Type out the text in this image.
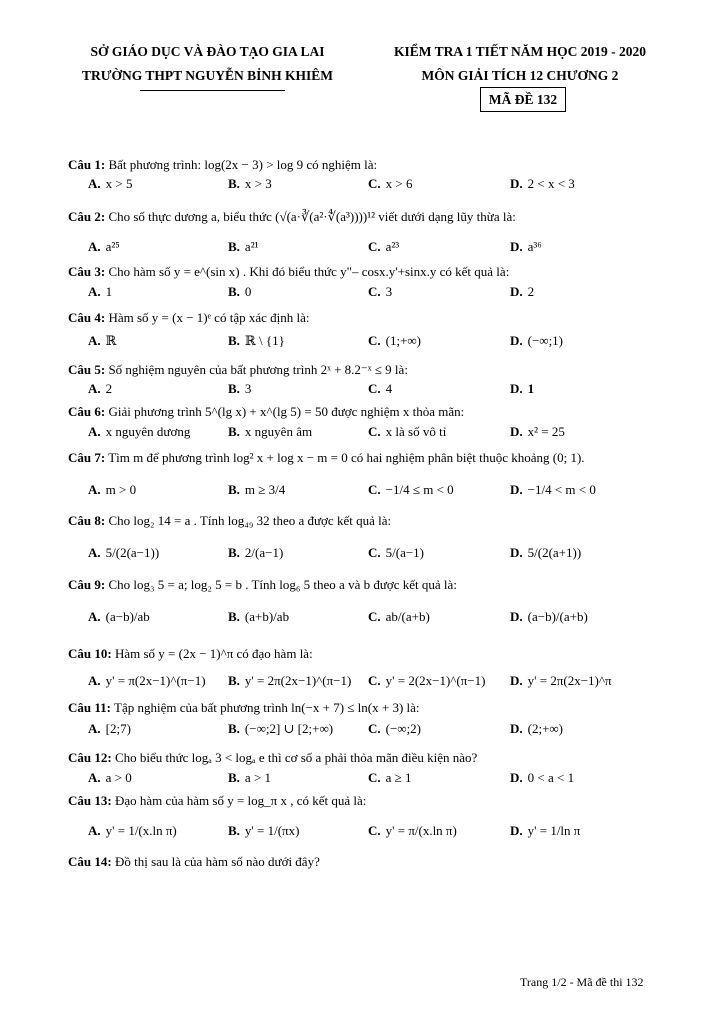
SỞ GIÁO DỤC VÀ ĐÀO TẠO GIA LAI
TRƯỜNG THPT NGUYỄN BỈNH KHIÊM
KIỂM TRA 1 TIẾT NĂM HỌC 2019 - 2020
MÔN GIẢI TÍCH 12 CHƯƠNG 2
MÃ ĐỀ 132
Câu 1: Bất phương trình: log(2x − 3) > log 9 có nghiệm là:
A. x > 5	B. x > 3	C. x > 6	D. 2 < x < 3
Câu 2: Cho số thực dương a, biểu thức (√(a·∛(a²·∜(a³))))¹² viết dưới dạng lũy thừa là:
A. a²⁵	B. a²¹	C. a²³	D. a³⁶
Câu 3: Cho hàm số y = e^(sin x) . Khi đó biểu thức y"– cosx.y'+sinx.y có kết quả là:
A. 1	B. 0	C. 3	D. 2
Câu 4: Hàm số y = (x − 1)ᵉ có tập xác định là:
A. ℝ	B. ℝ \ {1}	C. (1;+∞)	D. (−∞;1)
Câu 5: Số nghiệm nguyên của bất phương trình 2ˣ + 8.2⁻ˣ ≤ 9 là:
A. 2	B. 3	C. 4	D. 1
Câu 6: Giải phương trình 5^(lg x) + x^(lg 5) = 50 được nghiệm x thỏa mãn:
A. x nguyên dương	B. x nguyên âm	C. x là số vô tỉ	D. x² = 25
Câu 7: Tìm m để phương trình log² x + log x − m = 0 có hai nghiệm phân biệt thuộc khoảng (0; 1).
A. m > 0	B. m ≥ 3/4	C. −1/4 ≤ m < 0	D. −1/4 < m < 0
Câu 8: Cho log₂ 14 = a . Tính log₄₉ 32 theo a được kết quả là:
A. 5/(2(a−1))	B. 2/(a−1)	C. 5/(a−1)	D. 5/(2(a+1))
Câu 9: Cho log₃ 5 = a; log₂ 5 = b . Tính log₆ 5 theo a và b được kết quả là:
A. (a−b)/ab	B. (a+b)/ab	C. ab/(a+b)	D. (a−b)/(a+b)
Câu 10: Hàm số y = (2x − 1)^π có đạo hàm là:
A. y' = π(2x−1)^(π−1) B. y' = 2π(2x−1)^(π−1) C. y' = 2(2x−1)^(π−1) D. y' = 2π(2x−1)^π
Câu 11: Tập nghiệm của bất phương trình ln(−x + 7) ≤ ln(x + 3) là:
A. [2;7)	B. (−∞;2] ∪ [2;+∞)	C. (−∞;2)	D. (2;+∞)
Câu 12: Cho biểu thức logₐ 3 < logₐ e thì cơ số a phải thỏa mãn điều kiện nào?
A. a > 0	B. a > 1	C. a ≥ 1	D. 0 < a < 1
Câu 13: Đạo hàm của hàm số y = log_π x , có kết quả là:
A. y' = 1/(x.ln π)	B. y' = 1/(πx)	C. y' = π/(x.ln π)	D. y' = 1/ln π
Câu 14: Đồ thị sau là của hàm số nào dưới đây?
Trang 1/2 - Mã đề thi 132
